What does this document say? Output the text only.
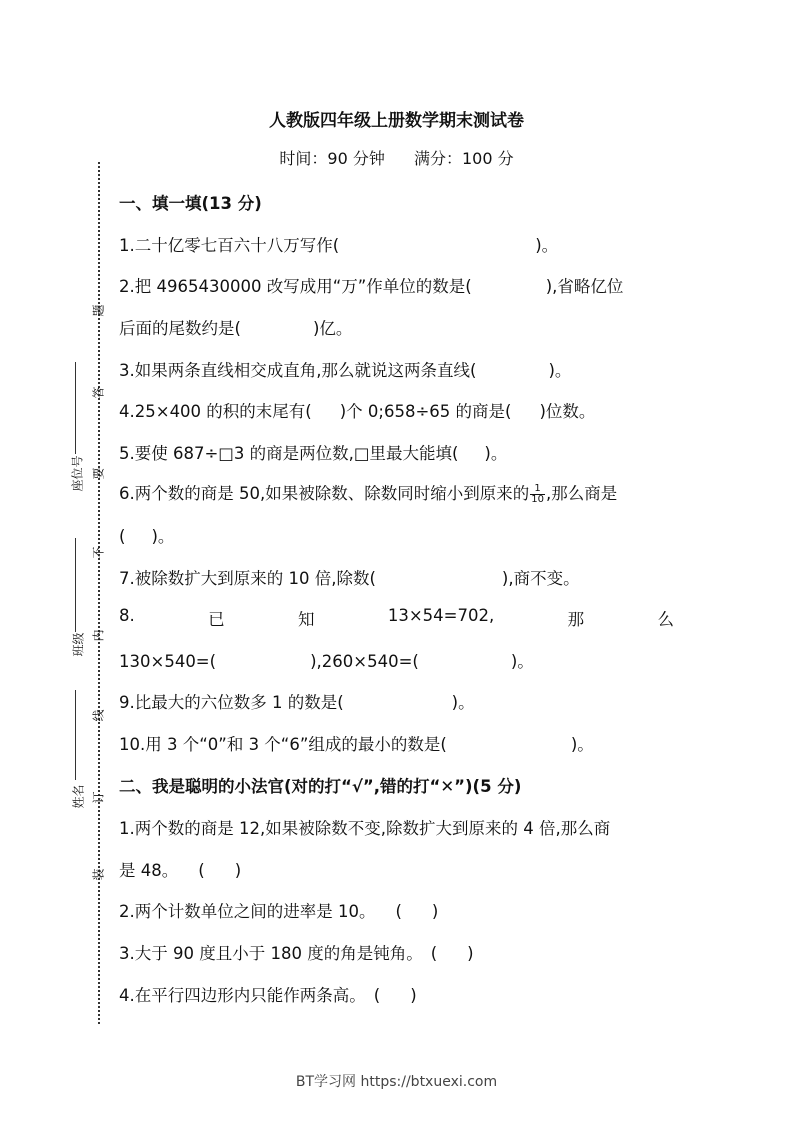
题
答
要
不
内
线
订
装
座位号
班级
姓名
人教版四年级上册数学期末测试卷
时间：90 分钟 满分：100 分
一、填一填(13 分)
1.二十亿零七百六十八万写作(	)。
2.把 4965430000 改写成用“万”作单位的数是(	),省略亿位
后面的尾数约是(	)亿。
3.如果两条直线相交成直角,那么就说这两条直线(	)。
4.25×400 的积的末尾有( )个 0;658÷65 的商是( )位数。
5.要使 687÷□3 的商是两位数,□里最大能填( )。
6.两个数的商是 50,如果被除数、除数同时缩小到原来的 $\frac{1}{10}$ ,那么商是
( )。
7.被除数扩大到原来的 10 倍,除数(	),商不变。
8.	已	知	13×54=702,	那	么
130×540=(	),260×540=(	)。
9.比最大的六位数多 1 的数是(	)。
10.用 3 个“0”和 3 个“6”组成的最小的数是(	)。
二、我是聪明的小法官(对的打“√”,错的打“✕”)(5 分)
1.两个数的商是 12,如果被除数不变,除数扩大到原来的 4 倍,那么商
是 48。 ( )
2.两个计数单位之间的进率是 10。 ( )
3.大于 90 度且小于 180 度的角是钝角。 ( )
4.在平行四边形内只能作两条高。 ( )
BT学习网 https://btxuexi.com
